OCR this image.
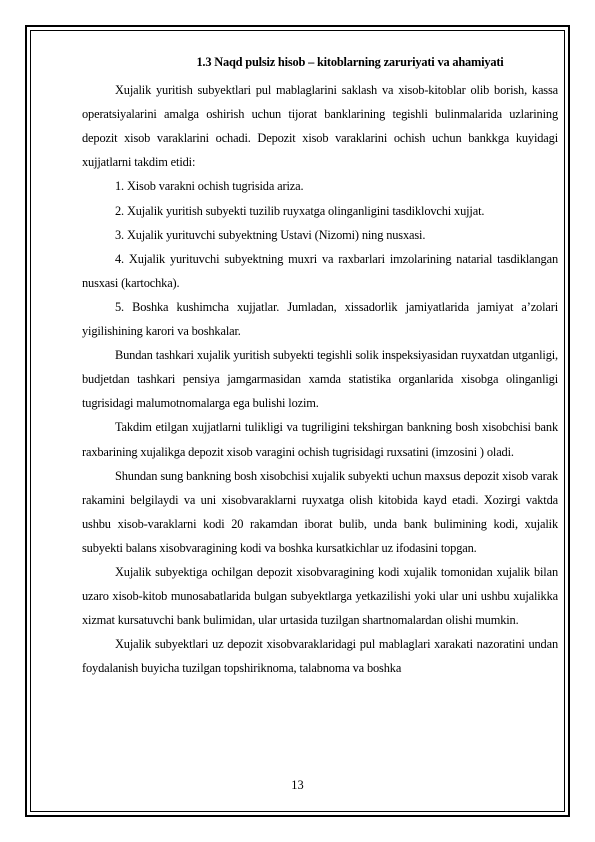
1.3 Naqd pulsiz hisob – kitoblarning zaruriyati va ahamiyati

Xujalik yuritish subyektlari pul mablaglarini saklash va xisob-kitoblar olib borish, kassa operatsiyalarini amalga oshirish uchun tijorat banklarining tegishli bulinmalarida uzlarining depozit xisob varaklarini ochadi. Depozit xisob varaklarini ochish uchun bankkga kuyidagi xujjatlarni takdim etidi:

1. Xisob varakni ochish tugrisida ariza.

2. Xujalik yuritish subyekti tuzilib ruyxatga olinganligini tasdiklovchi xujjat.

3. Xujalik yurituvchi subyektning Ustavi (Nizomi) ning nusxasi.

4. Xujalik yurituvchi subyektning muxri va raxbarlari imzolarining natarial tasdiklangan nusxasi (kartochka).

5. Boshka kushimcha xujjatlar. Jumladan, xissadorlik jamiyatlarida jamiyat a’zolari yigilishining karori va boshkalar.

Bundan tashkari xujalik yuritish subyekti tegishli solik inspeksiyasidan ruyxatdan utganligi, budjetdan tashkari pensiya jamgarmasidan xamda statistika organlarida xisobga olinganligi tugrisidagi malumotnomalarga ega bulishi lozim.

Takdim etilgan xujjatlarni tulikligi va tugriligini tekshirgan bankning bosh xisobchisi bank raxbarining xujalikga depozit xisob varagini ochish tugrisidagi ruxsatini (imzosini ) oladi.

Shundan sung bankning bosh xisobchisi xujalik subyekti uchun maxsus depozit xisob varak rakamini belgilaydi va uni xisobvaraklarni ruyxatga olish kitobida kayd etadi. Xozirgi vaktda ushbu xisob-varaklarni kodi 20 rakamdan iborat bulib, unda bank bulimining kodi, xujalik subyekti balans xisobvaragining kodi va boshka kursatkichlar uz ifodasini topgan.

Xujalik subyektiga ochilgan depozit xisobvaragining kodi xujalik tomonidan xujalik bilan uzaro xisob-kitob munosabatlarida bulgan subyektlarga yetkazilishi yoki ular uni ushbu xujalikka xizmat kursatuvchi bank bulimidan, ular urtasida tuzilgan shartnomalardan olishi mumkin.

Xujalik subyektlari uz depozit xisobvaraklaridagi pul mablaglari xarakati nazoratini undan foydalanish buyicha tuzilgan topshiriknoma, talabnoma va boshka

13
